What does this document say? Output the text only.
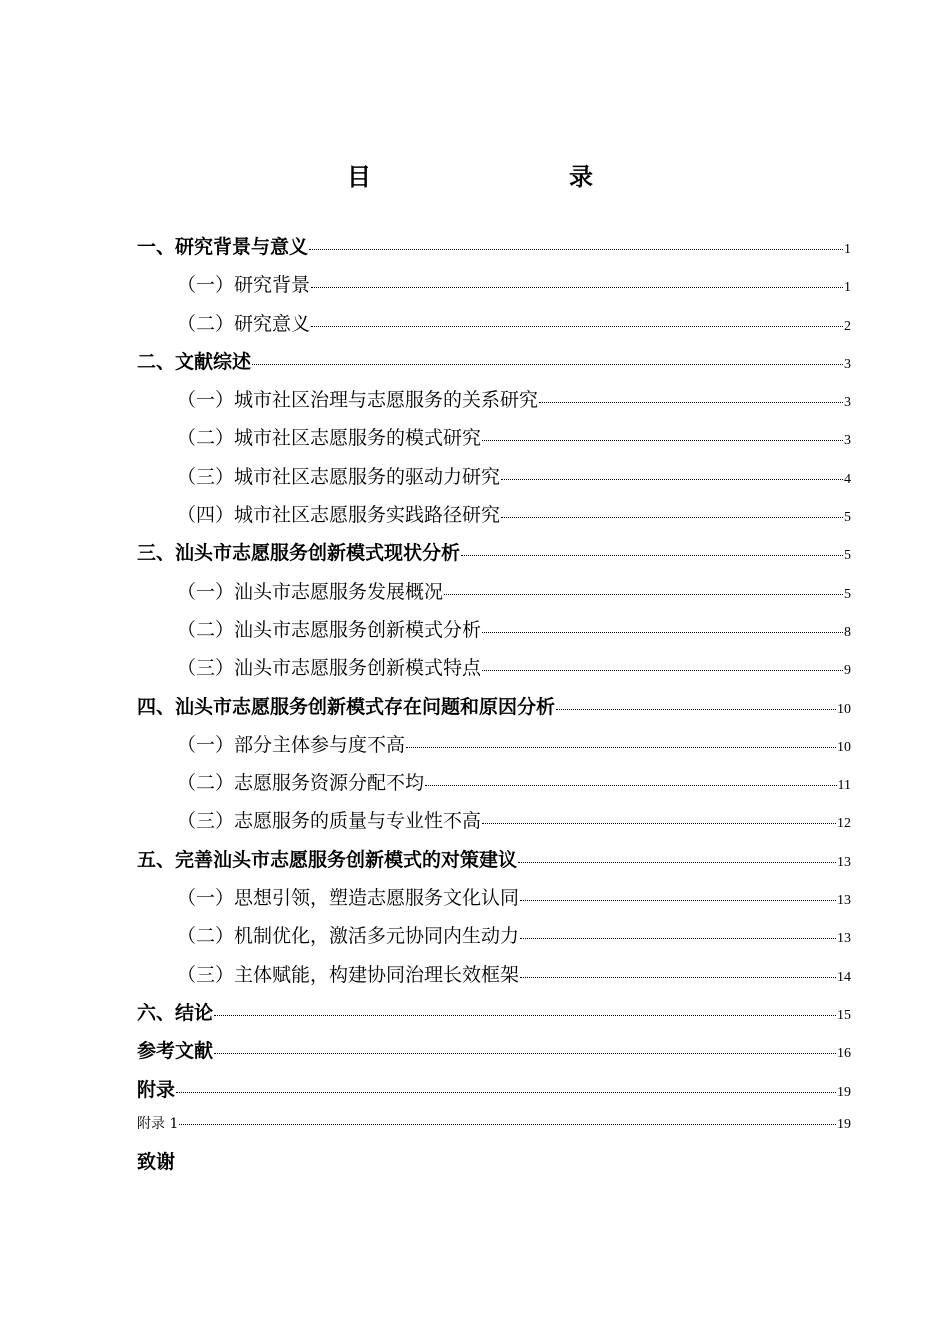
目　　录
一、研究背景与意义	1
（一）研究背景	1
（二）研究意义	2
二、文献综述	3
（一）城市社区治理与志愿服务的关系研究	3
（二）城市社区志愿服务的模式研究	3
（三）城市社区志愿服务的驱动力研究	4
（四）城市社区志愿服务实践路径研究	5
三、汕头市志愿服务创新模式现状分析	5
（一）汕头市志愿服务发展概况	5
（二）汕头市志愿服务创新模式分析	8
（三）汕头市志愿服务创新模式特点	9
四、汕头市志愿服务创新模式存在问题和原因分析	10
（一）部分主体参与度不高	10
（二）志愿服务资源分配不均	11
（三）志愿服务的质量与专业性不高	12
五、完善汕头市志愿服务创新模式的对策建议	13
（一）思想引领，塑造志愿服务文化认同	13
（二）机制优化，激活多元协同内生动力	13
（三）主体赋能，构建协同治理长效框架	14
六、结论	15
参考文献	16
附录	19
附录 1	19
致谢
